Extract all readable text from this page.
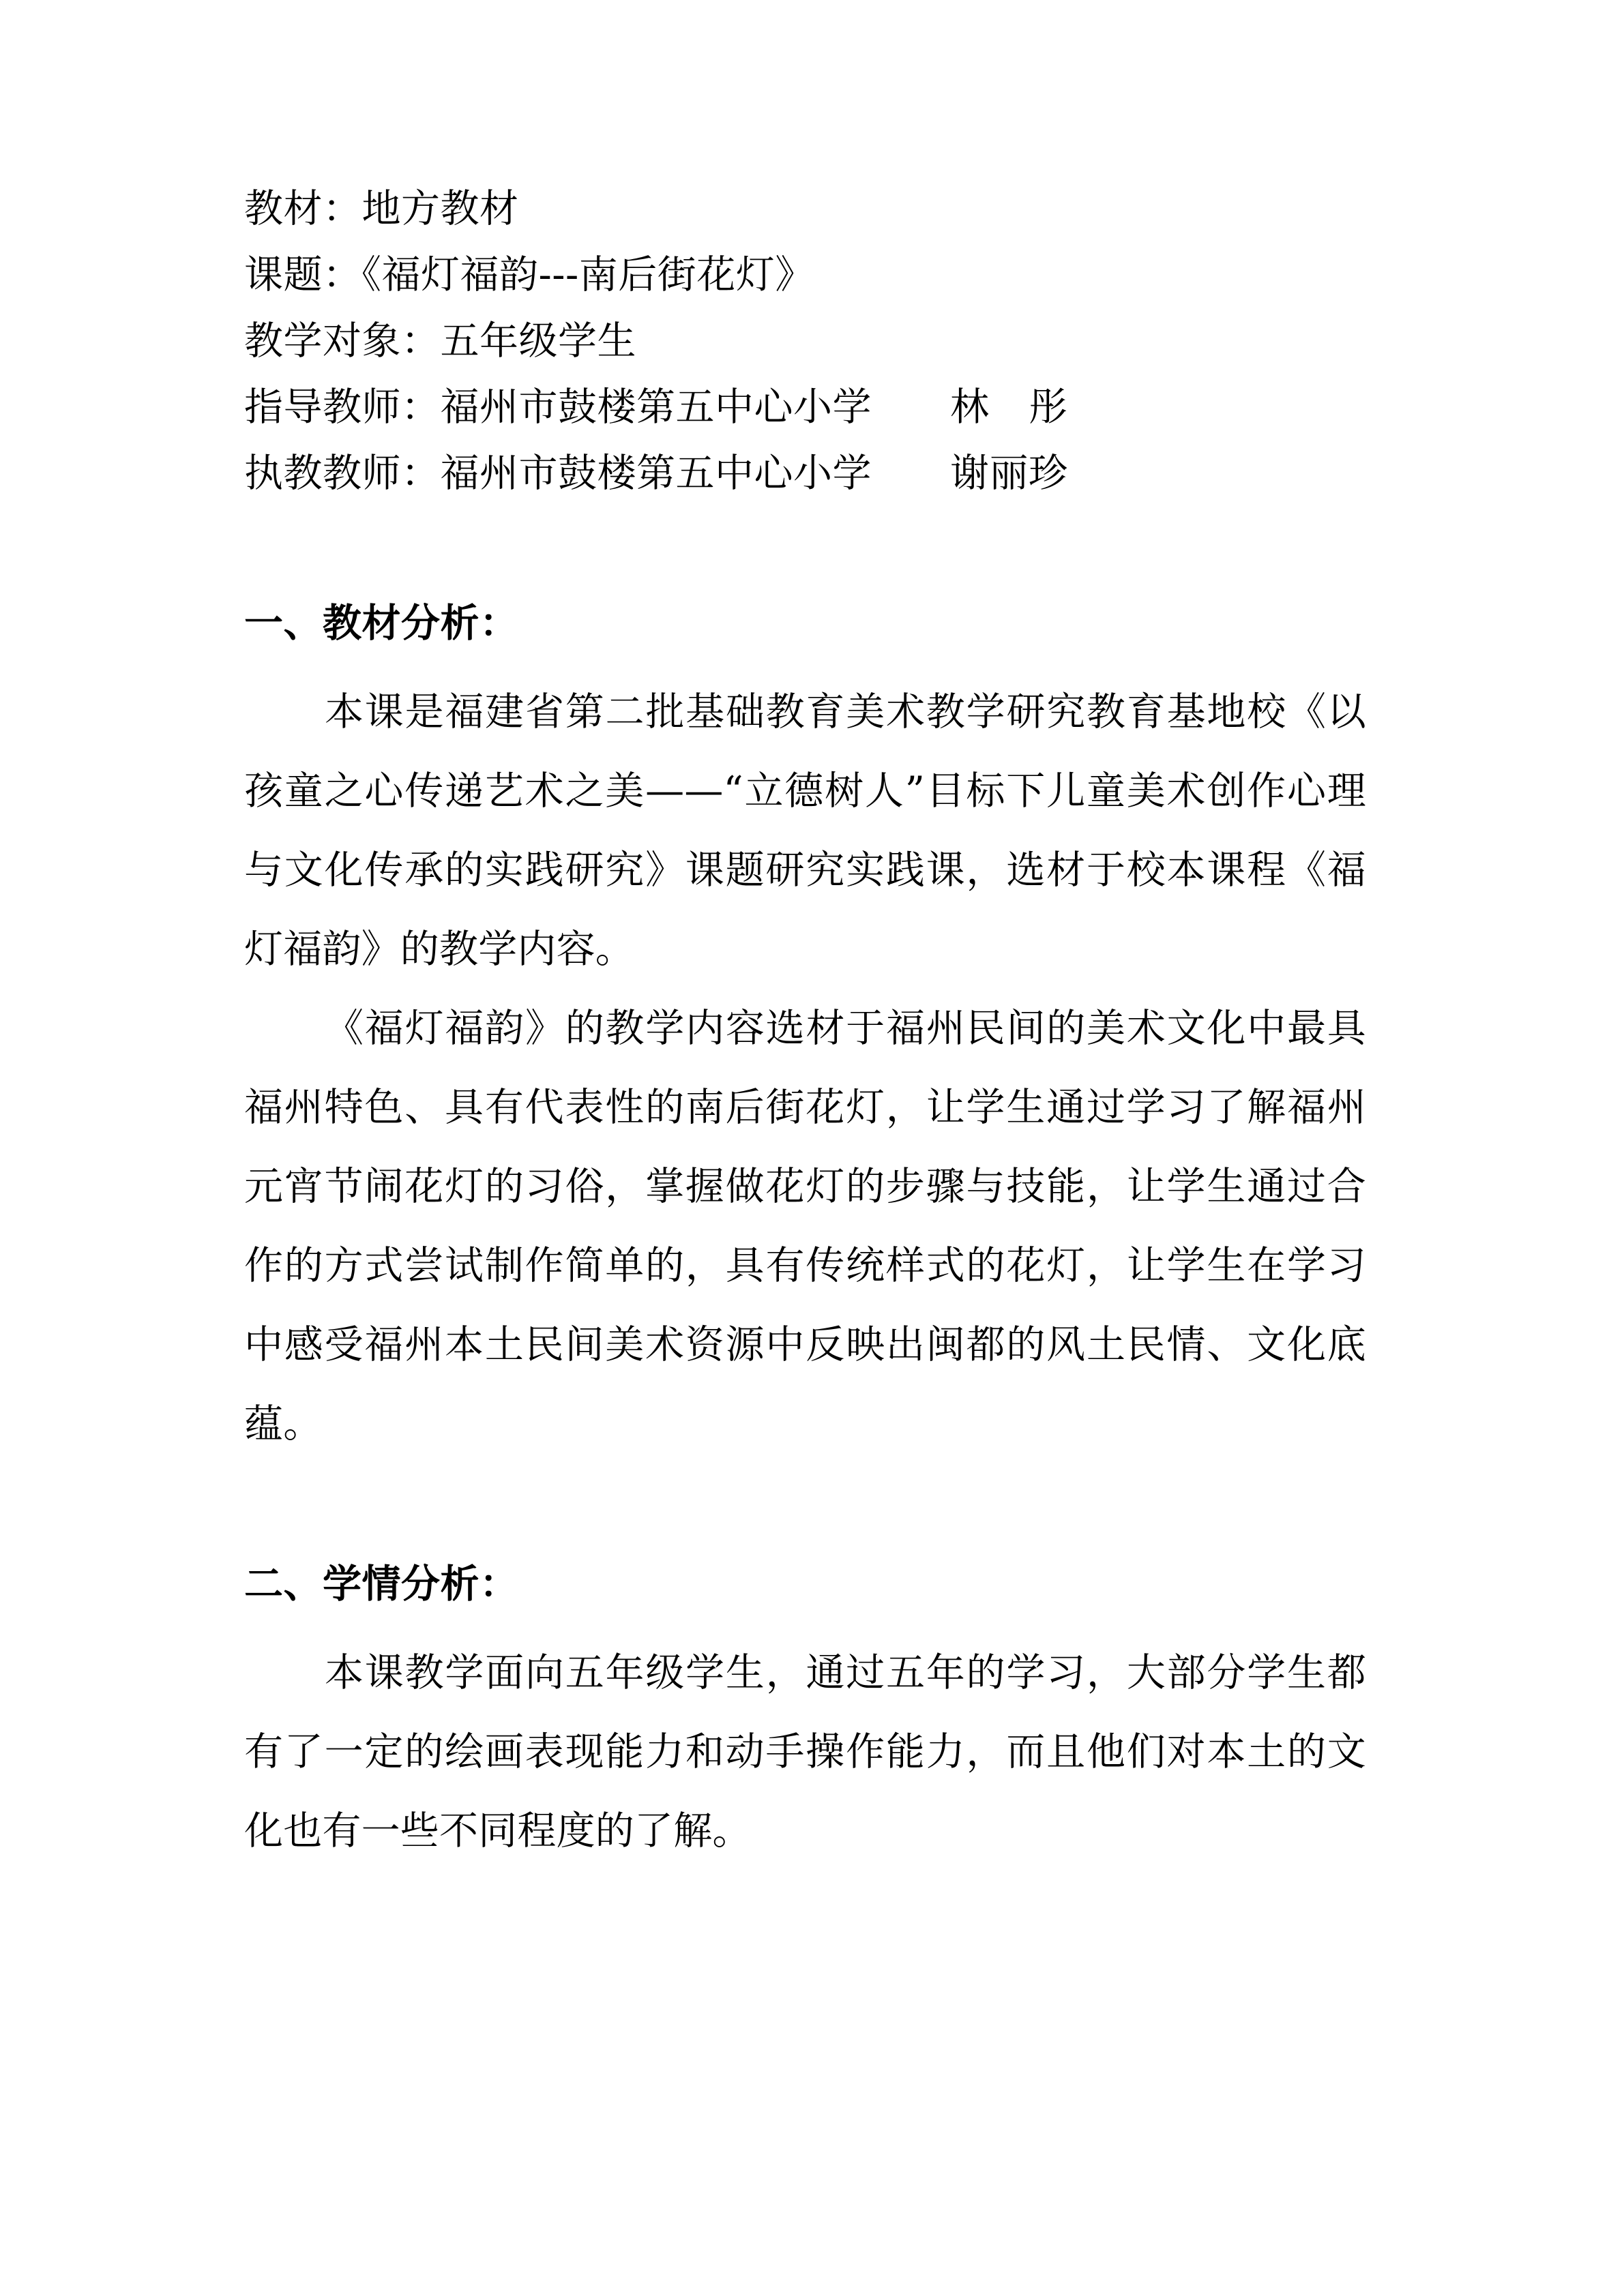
教材：地方教材
课题：《福灯福韵---南后街花灯》
教学对象：五年级学生
指导教师：福州市鼓楼第五中心小学　　林　彤
执教教师：福州市鼓楼第五中心小学　　谢丽珍
一、教材分析：

本课是福建省第二批基础教育美术教学研究教育基地校《以孩童之心传递艺术之美——“立德树人”目标下儿童美术创作心理与文化传承的实践研究》课题研究实践课，选材于校本课程《福灯福韵》的教学内容。

《福灯福韵》的教学内容选材于福州民间的美术文化中最具福州特色、具有代表性的南后街花灯，让学生通过学习了解福州元宵节闹花灯的习俗，掌握做花灯的步骤与技能，让学生通过合作的方式尝试制作简单的，具有传统样式的花灯，让学生在学习中感受福州本土民间美术资源中反映出闽都的风土民情、文化底蕴。

二、学情分析：

本课教学面向五年级学生，通过五年的学习，大部分学生都有了一定的绘画表现能力和动手操作能力，而且他们对本土的文化也有一些不同程度的了解。
